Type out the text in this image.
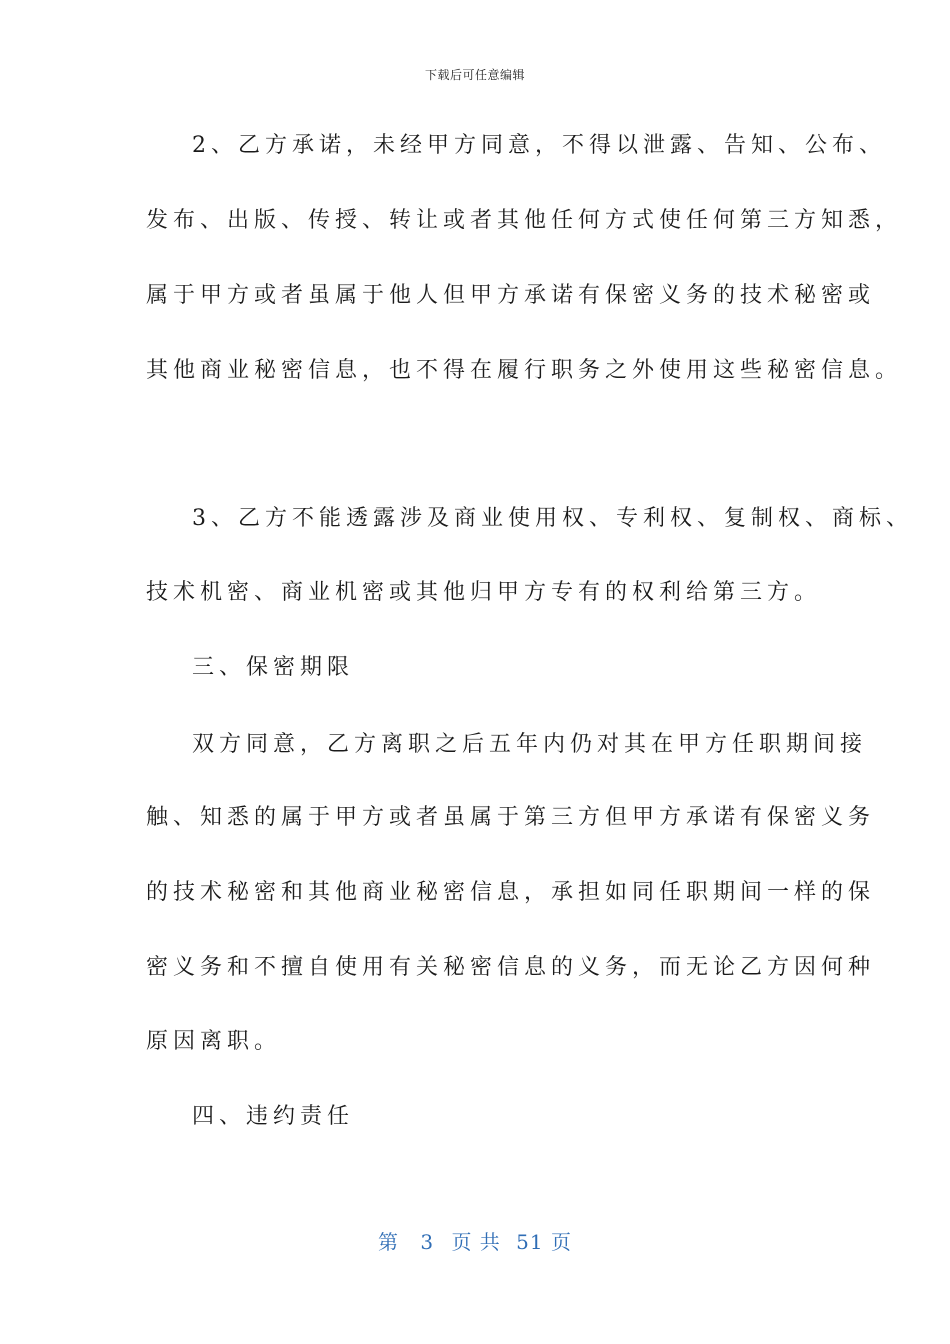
下载后可任意编辑
2、乙方承诺，未经甲方同意，不得以泄露、告知、公布、
发布、出版、传授、转让或者其他任何方式使任何第三方知悉，
属于甲方或者虽属于他人但甲方承诺有保密义务的技术秘密或
其他商业秘密信息，也不得在履行职务之外使用这些秘密信息。
3、乙方不能透露涉及商业使用权、专利权、复制权、商标、
技术机密、商业机密或其他归甲方专有的权利给第三方。
三、保密期限
双方同意，乙方离职之后五年内仍对其在甲方任职期间接
触、知悉的属于甲方或者虽属于第三方但甲方承诺有保密义务
的技术秘密和其他商业秘密信息，承担如同任职期间一样的保
密义务和不擅自使用有关秘密信息的义务，而无论乙方因何种
原因离职。
四、违约责任
第 3 页 共 51 页
